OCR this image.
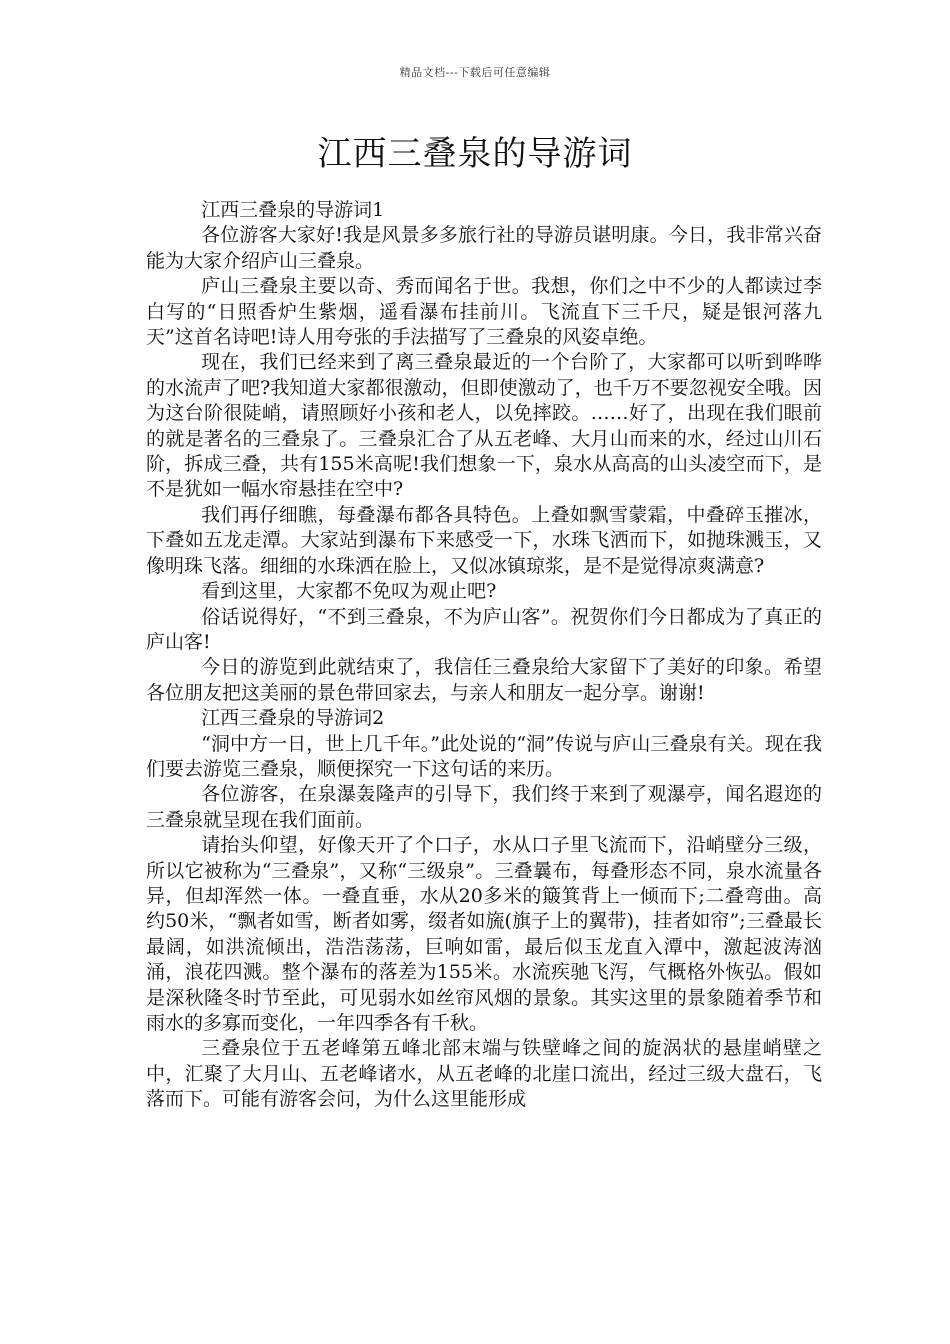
精品文档---下载后可任意编辑
江西三叠泉的导游词

江西三叠泉的导游词1

各位游客大家好!我是风景多多旅行社的导游员谌明康。今日，我非常兴奋能为大家介绍庐山三叠泉。

庐山三叠泉主要以奇、秀而闻名于世。我想，你们之中不少的人都读过李白写的“日照香炉生紫烟，遥看瀑布挂前川。飞流直下三千尺，疑是银河落九天”这首名诗吧!诗人用夸张的手法描写了三叠泉的风姿卓绝。

现在，我们已经来到了离三叠泉最近的一个台阶了，大家都可以听到哗哗的水流声了吧?我知道大家都很激动，但即使激动了，也千万不要忽视安全哦。因为这台阶很陡峭，请照顾好小孩和老人，以免摔跤。……好了，出现在我们眼前的就是著名的三叠泉了。三叠泉汇合了从五老峰、大月山而来的水，经过山川石阶，拆成三叠，共有155米高呢!我们想象一下，泉水从高高的山头凌空而下，是不是犹如一幅水帘悬挂在空中?

我们再仔细瞧，每叠瀑布都各具特色。上叠如飘雪蒙霜，中叠碎玉摧冰，下叠如五龙走潭。大家站到瀑布下来感受一下，水珠飞洒而下，如抛珠溅玉，又像明珠飞落。细细的水珠洒在脸上，又似冰镇琼浆，是不是觉得凉爽满意?

看到这里，大家都不免叹为观止吧?

俗话说得好，“不到三叠泉，不为庐山客”。祝贺你们今日都成为了真正的庐山客!

今日的游览到此就结束了，我信任三叠泉给大家留下了美好的印象。希望各位朋友把这美丽的景色带回家去，与亲人和朋友一起分享。谢谢!

江西三叠泉的导游词2

“洞中方一日，世上几千年。”此处说的“洞”传说与庐山三叠泉有关。现在我们要去游览三叠泉，顺便探究一下这句话的来历。

各位游客，在泉瀑轰隆声的引导下，我们终于来到了观瀑亭，闻名遐迩的三叠泉就呈现在我们面前。

请抬头仰望，好像天开了个口子，水从口子里飞流而下，沿峭壁分三级，所以它被称为“三叠泉”，又称“三级泉”。三叠曩布，每叠形态不同，泉水流量各异，但却浑然一体。一叠直垂，水从20多米的簸箕背上一倾而下;二叠弯曲。高约50米，“飘者如雪，断者如雾，缀者如旒(旗子上的翼带)，挂者如帘”;三叠最长最阔，如洪流倾出，浩浩荡荡，巨响如雷，最后似玉龙直入潭中，激起波涛汹涌，浪花四溅。整个瀑布的落差为155米。水流疾驰飞泻，气概格外恢弘。假如是深秋隆冬时节至此，可见弱水如丝帘风烟的景象。其实这里的景象随着季节和雨水的多寡而变化，一年四季各有千秋。

三叠泉位于五老峰第五峰北部末端与铁壁峰之间的旋涡状的悬崖峭壁之中，汇聚了大月山、五老峰诸水，从五老峰的北崖口流出，经过三级大盘石，飞落而下。可能有游客会问，为什么这里能形成
